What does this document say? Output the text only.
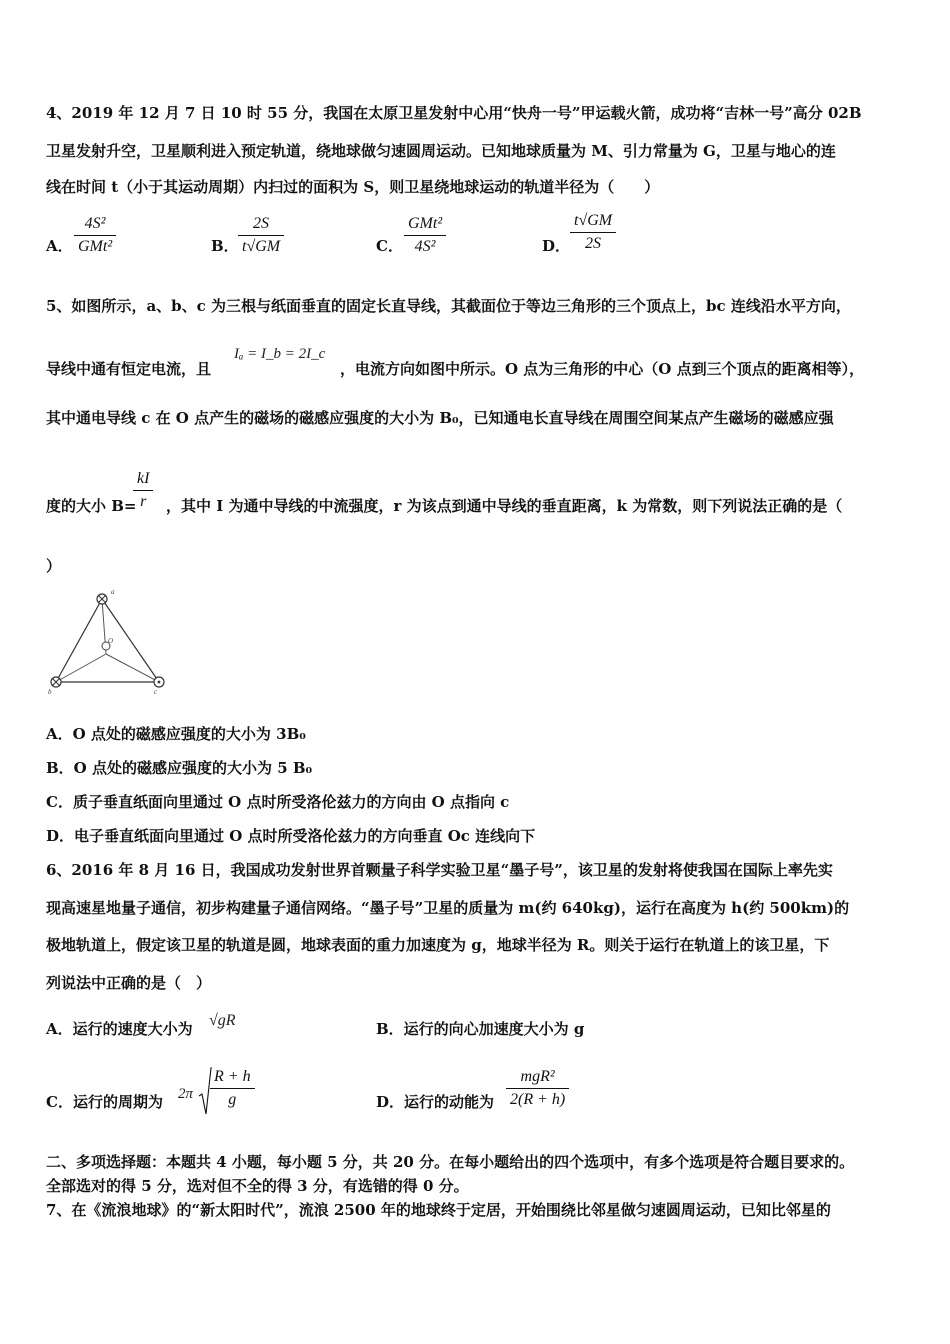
4、2019 年 12 月 7 日 10 时 55 分，我国在太原卫星发射中心用“快舟一号”甲运载火箭，成功将“吉林一号”高分 02B
卫星发射升空，卫星顺利进入预定轨道，绕地球做匀速圆周运动。已知地球质量为 M、引力常量为 G，卫星与地心的连
线在时间 t（小于其运动周期）内扫过的面积为 S，则卫星绕地球运动的轨道半径为（　　）
A．
4S²
GMt²	B．
2S
t√GM	C．
GMt²
4S²	D．
t√GM
2S
5、如图所示，a、b、c 为三根与纸面垂直的固定长直导线，其截面位于等边三角形的三个顶点上，bc 连线沿水平方向，
导线中通有恒定电流，且
Iₐ = I_b = 2I_c
，电流方向如图中所示。O 点为三角形的中心（O 点到三个顶点的距离相等），
其中通电导线 c 在 O 点产生的磁场的磁感应强度的大小为 B₀，已知通电长直导线在周围空间某点产生磁场的磁感应强
度的大小 B=
kI
r	，其中 I 为通中导线的中流强度，r 为该点到通中导线的垂直距离，k 为常数，则下列说法正确的是（
）
a
b	c
O
A．O 点处的磁感应强度的大小为 3B₀
B．O 点处的磁感应强度的大小为 5 B₀
C．质子垂直纸面向里通过 O 点时所受洛伦兹力的方向由 O 点指向 c
D．电子垂直纸面向里通过 O 点时所受洛伦兹力的方向垂直 Oc 连线向下
6、2016 年 8 月 16 日，我国成功发射世界首颗量子科学实验卫星“墨子号”，该卫星的发射将使我国在国际上率先实
现高速星地量子通信，初步构建量子通信网络。“墨子号”卫星的质量为 m(约 640kg)，运行在高度为 h(约 500km)的
极地轨道上，假定该卫星的轨道是圆，地球表面的重力加速度为 g，地球半径为 R。则关于运行在轨道上的该卫星，下
列说法中正确的是（　）
A．运行的速度大小为 √gR	B．运行的向心加速度大小为 g
C．运行的周期为 2π
R + h
g	D．运行的动能为
mgR²
2(R + h)
二、多项选择题：本题共 4 小题，每小题 5 分，共 20 分。在每小题给出的四个选项中，有多个选项是符合题目要求的。
全部选对的得 5 分，选对但不全的得 3 分，有选错的得 0 分。
7、在《流浪地球》的“新太阳时代”，流浪 2500 年的地球终于定居，开始围绕比邻星做匀速圆周运动，已知比邻星的
